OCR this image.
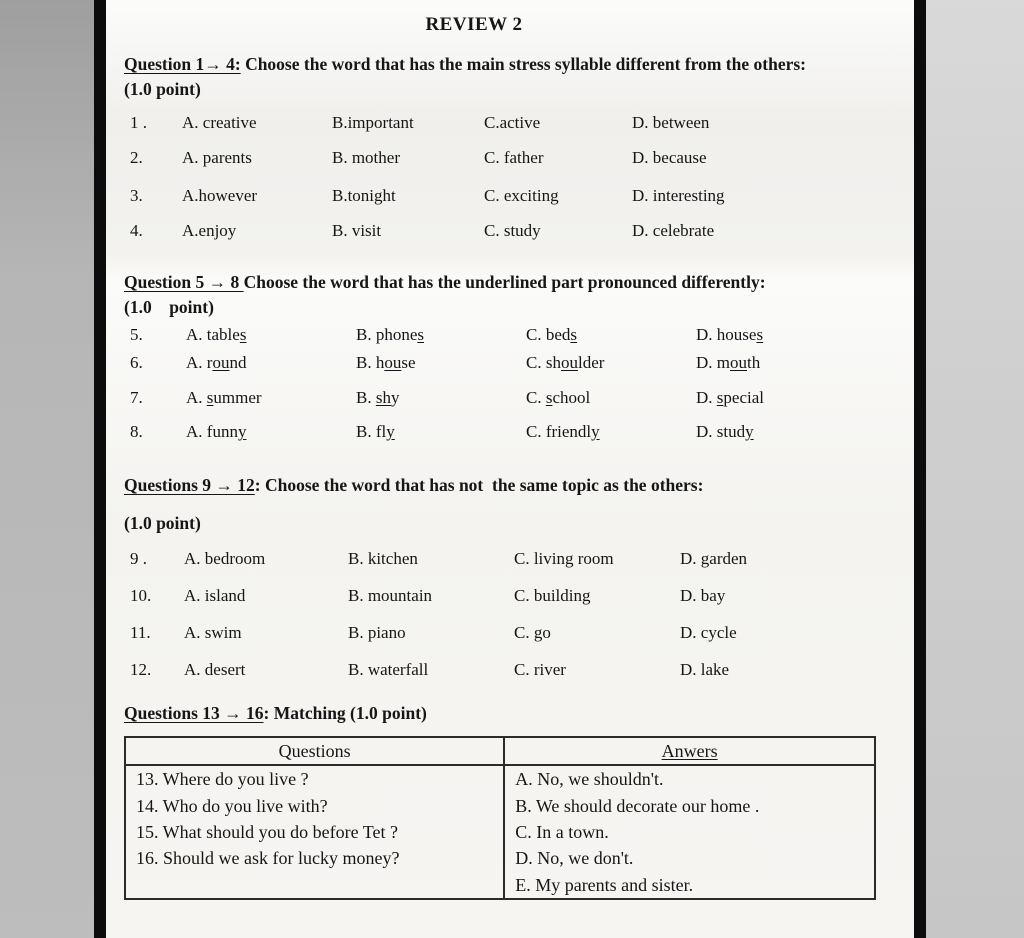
REVIEW 2

Question 1→ 4: Choose the word that has the main stress syllable different from the others: (1.0 point)

1 .	A. creative	B.important	C.active	D. between
2.	A. parents	B. mother	C. father	D. because
3.	A.however	B.tonight	C. exciting	D. interesting
4.	A.enjoy	B. visit	C. study	D. celebrate

Question 5 → 8 Choose the word that has the underlined part pronounced differently:

(1.0    point)

5.	A. tables	B. phones	C. beds	D. houses
6.	A. round	B. house	C. shoulder	D. mouth
7.	A. summer	B. shy	C. school	D. special
8.	A. funny	B. fly	C. friendly	D. study

Questions 9 → 12: Choose the word that has not  the same topic as the others:

(1.0 point)

9 .	A. bedroom	B. kitchen	C. living room	D. garden
10.	A. island	B. mountain	C. building	D. bay
11.	A. swim	B. piano	C. go	D. cycle
12.	A. desert	B. waterfall	C. river	D. lake

Questions 13 → 16: Matching (1.0 point)

Questions	Anwers
13. Where do you live ?	A. No, we shouldn't.
14. Who do you live with?	B. We should decorate our home .
15. What should you do before Tet ?	C. In a town.
16. Should we ask for lucky money?	D. No, we don't.
	E. My parents and sister.
